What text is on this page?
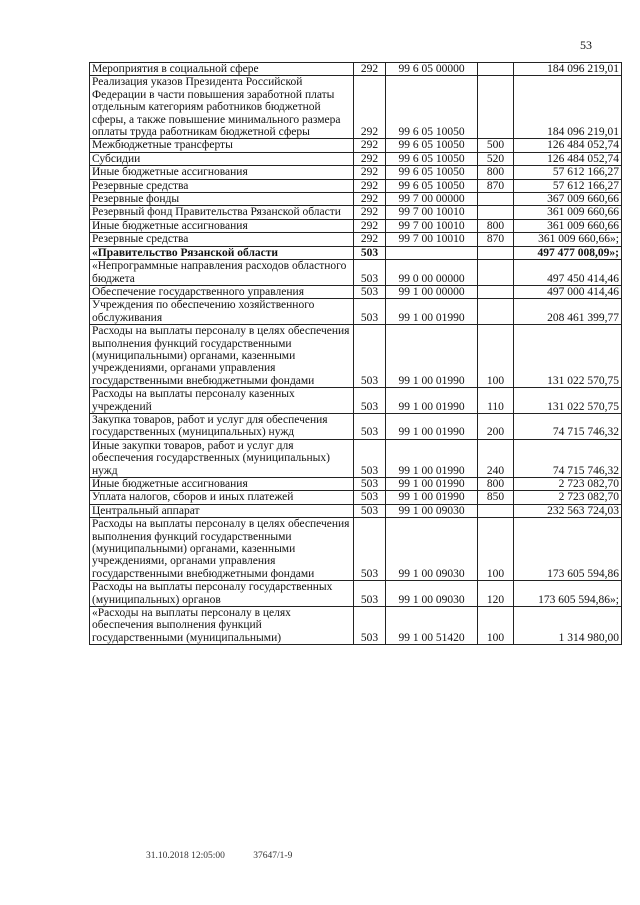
53
Мероприятия в социальной сфере	292	99 6 05 00000		184 096 219,01
Реализация указов Президента Российской Федерации в части повышения заработной платы отдельным категориям работников бюджетной сферы, а также повышение минимального размера оплаты труда работникам бюджетной сферы	292	99 6 05 10050		184 096 219,01
Межбюджетные трансферты	292	99 6 05 10050	500	126 484 052,74
Субсидии	292	99 6 05 10050	520	126 484 052,74
Иные бюджетные ассигнования	292	99 6 05 10050	800	57 612 166,27
Резервные средства	292	99 6 05 10050	870	57 612 166,27
Резервные фонды	292	99 7 00 00000		367 009 660,66
Резервный фонд Правительства Рязанской области	292	99 7 00 10010		361 009 660,66
Иные бюджетные ассигнования	292	99 7 00 10010	800	361 009 660,66
Резервные средства	292	99 7 00 10010	870	361 009 660,66»;
«Правительство Рязанской области	503			497 477 008,09»;
«Непрограммные направления расходов областного бюджета	503	99 0 00 00000		497 450 414,46
Обеспечение государственного управления	503	99 1 00 00000		497 000 414,46
Учреждения по обеспечению хозяйственного обслуживания	503	99 1 00 01990		208 461 399,77
Расходы на выплаты персоналу в целях обеспечения выполнения функций государственными (муниципальными) органами, казенными учреждениями, органами управления государственными внебюджетными фондами	503	99 1 00 01990	100	131 022 570,75
Расходы на выплаты персоналу казенных учреждений	503	99 1 00 01990	110	131 022 570,75
Закупка товаров, работ и услуг для обеспечения государственных (муниципальных) нужд	503	99 1 00 01990	200	74 715 746,32
Иные закупки товаров, работ и услуг для обеспечения государственных (муниципальных) нужд	503	99 1 00 01990	240	74 715 746,32
Иные бюджетные ассигнования	503	99 1 00 01990	800	2 723 082,70
Уплата налогов, сборов и иных платежей	503	99 1 00 01990	850	2 723 082,70
Центральный аппарат	503	99 1 00 09030		232 563 724,03
Расходы на выплаты персоналу в целях обеспечения выполнения функций государственными (муниципальными) органами, казенными учреждениями, органами управления государственными внебюджетными фондами	503	99 1 00 09030	100	173 605 594,86
Расходы на выплаты персоналу государственных (муниципальных) органов	503	99 1 00 09030	120	173 605 594,86»;
«Расходы на выплаты персоналу в целях обеспечения выполнения функций государственными (муниципальными)	503	99 1 00 51420	100	1 314 980,00
31.10.2018 12:05:00	37647/1-9
